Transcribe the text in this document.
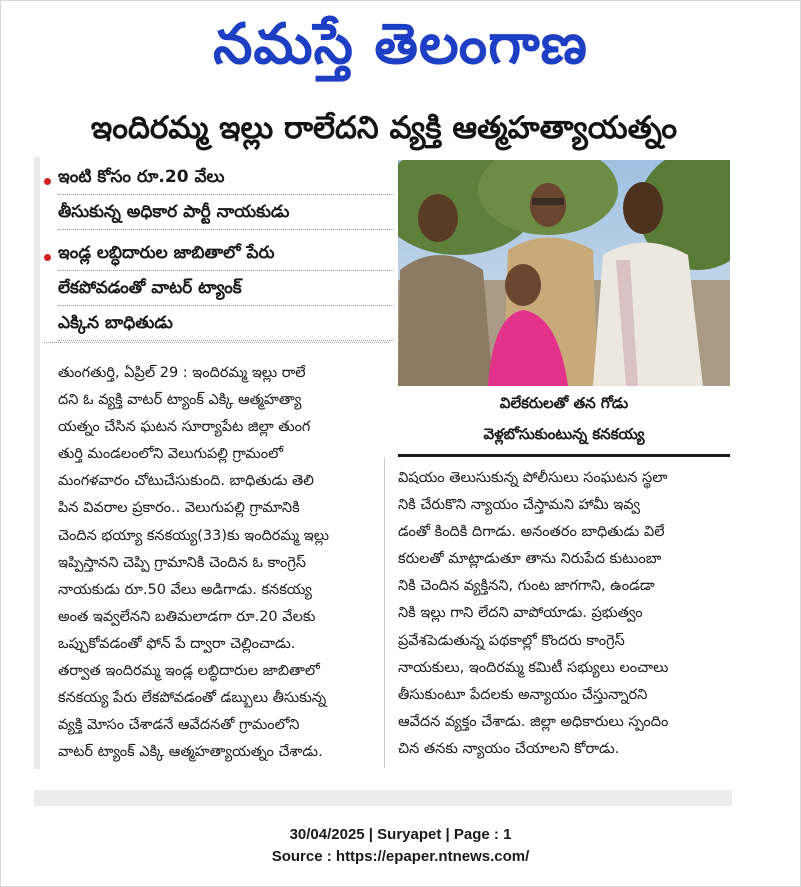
నమస్తే తెలంగాణ
ఇందిరమ్మ ఇల్లు రాలేదని వ్యక్తి ఆత్మహత్యాయత్నం
ఇంటి కోసం రూ.20 వేలు
తీసుకున్న అధికార పార్టీ నాయకుడు
ఇండ్ల లబ్ధిదారుల జాబితాలో పేరు
లేకపోవడంతో వాటర్ ట్యాంక్
ఎక్కిన బాధితుడు
తుంగతుర్తి, ఏప్రిల్ 29 : ఇందిరమ్మ ఇల్లు రాలే
దని ఓ వ్యక్తి వాటర్ ట్యాంక్ ఎక్కి ఆత్మహత్యా
యత్నం చేసిన ఘటన సూర్యాపేట జిల్లా తుంగ
తుర్తి మండలంలోని వెలుగుపల్లి గ్రామంలో
మంగళవారం చోటుచేసుకుంది. బాధితుడు తెలి
పిన వివరాల ప్రకారం.. వెలుగుపల్లి గ్రామానికి
చెందిన భయ్యా కనకయ్య(33)కు ఇందిరమ్మ ఇల్లు
ఇప్పిస్తానని చెప్పి గ్రామానికి చెందిన ఓ కాంగ్రెస్
నాయకుడు రూ.50 వేలు అడిగాడు. కనకయ్య
అంత ఇవ్వలేనని బతిమలాడగా రూ.20 వేలకు
ఒప్పుకోవడంతో ఫోన్ పే ద్వారా చెల్లించాడు.
తర్వాత ఇందిరమ్మ ఇండ్ల లబ్ధిదారుల జాబితాలో
కనకయ్య పేరు లేకపోవడంతో డబ్బులు తీసుకున్న
వ్యక్తి మోసం చేశాడనే ఆవేదనతో గ్రామంలోని
వాటర్ ట్యాంక్ ఎక్కి ఆత్మహత్యాయత్నం చేశాడు.
విలేకరులతో తన గోడు
వెళ్లబోసుకుంటున్న కనకయ్య
విషయం తెలుసుకున్న పోలీసులు సంఘటన స్థలా
నికి చేరుకొని న్యాయం చేస్తామని హామీ ఇవ్వ
డంతో కిందికి దిగాడు. అనంతరం బాధితుడు విలే
కరులతో మాట్లాడుతూ తాను నిరుపేద కుటుంబా
నికి చెందిన వ్యక్తినని, గుంట జాగగాని, ఉండడా
నికి ఇల్లు గాని లేదని వాపోయాడు. ప్రభుత్వం
ప్రవేశపెడుతున్న పథకాల్లో కొందరు కాంగ్రెస్
నాయకులు, ఇందిరమ్మ కమిటీ సభ్యులు లంచాలు
తీసుకుంటూ పేదలకు అన్యాయం చేస్తున్నారని
ఆవేదన వ్యక్తం చేశాడు. జిల్లా అధికారులు స్పందిం
చిన తనకు న్యాయం చేయాలని కోరాడు.
30/04/2025 | Suryapet | Page : 1
Source : https://epaper.ntnews.com/
